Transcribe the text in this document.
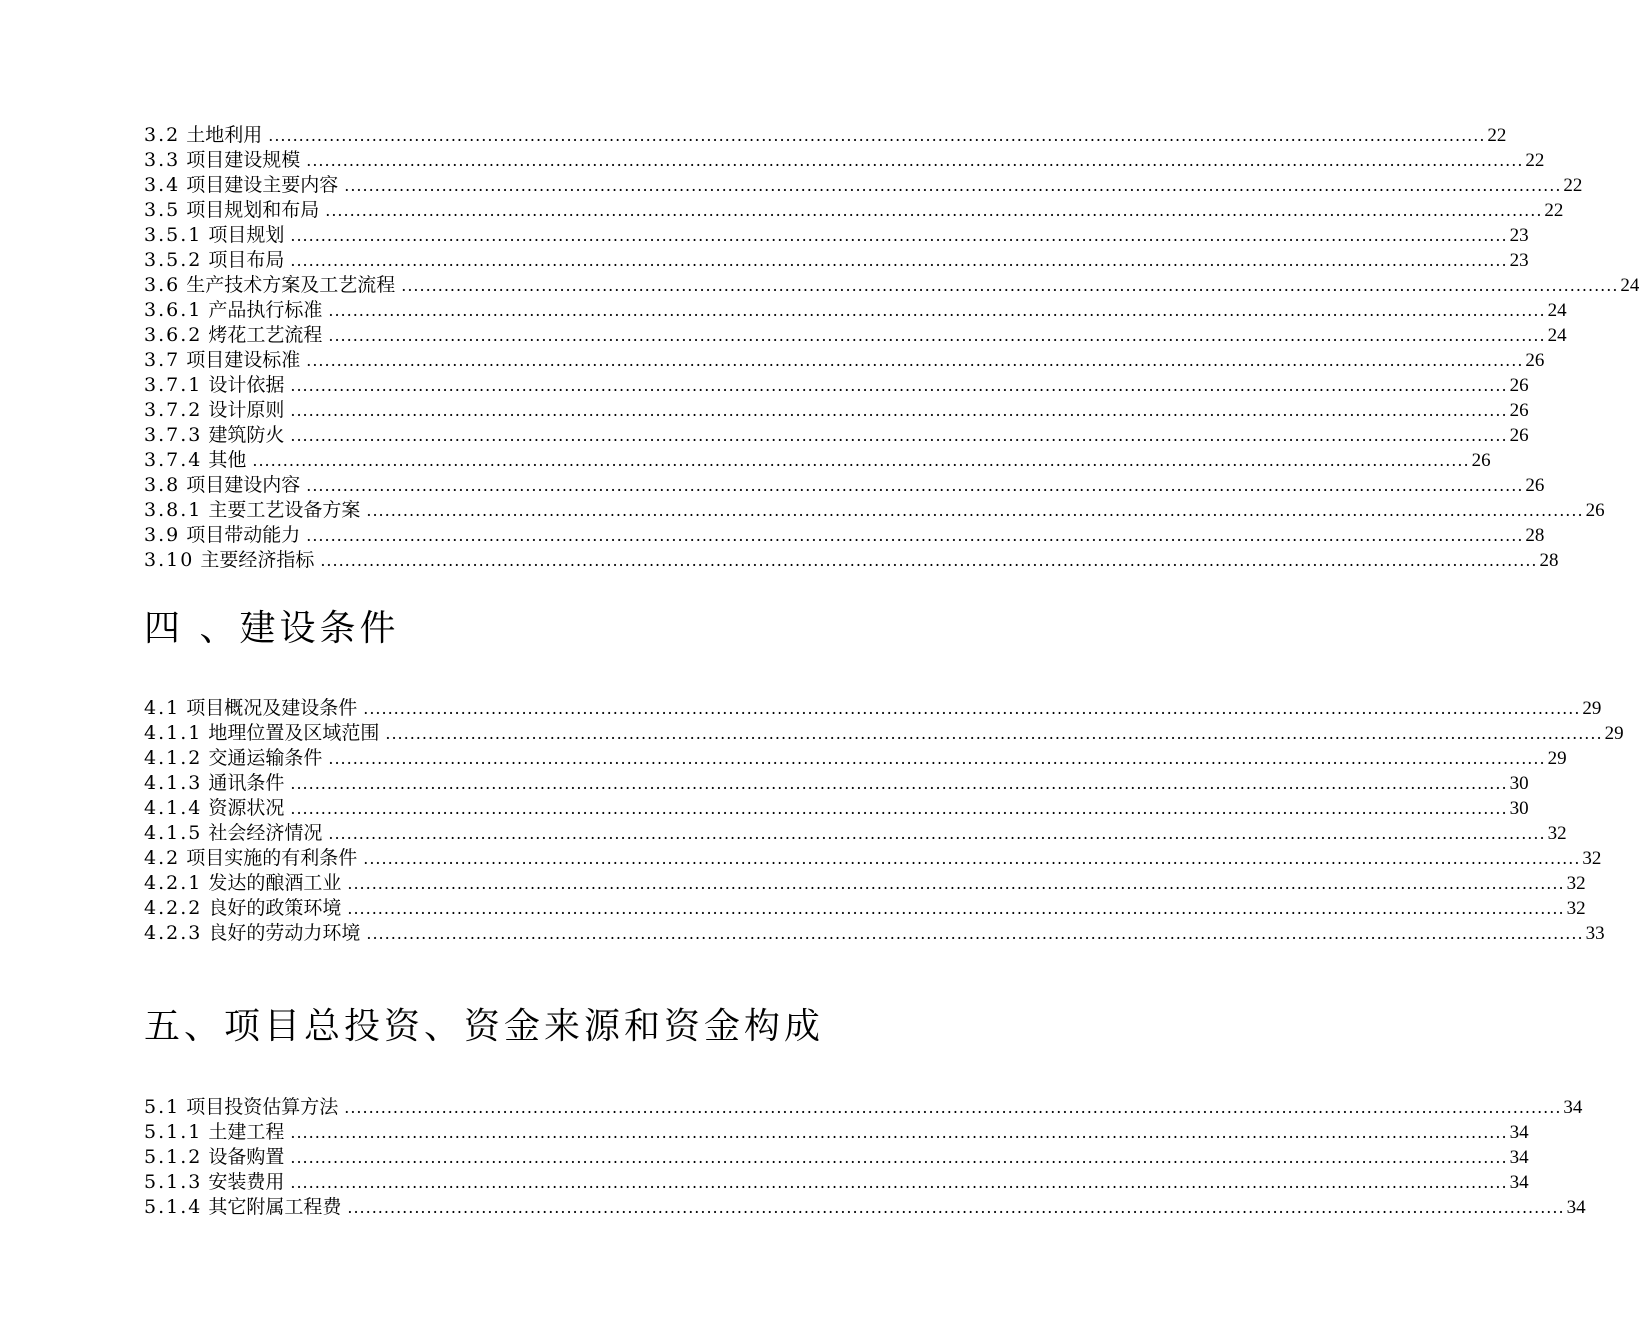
3.2 土地利用 ........................................................................................................................................................................................................ 22
3.3 项目建设规模 ........................................................................................................................................................................................................ 22
3.4 项目建设主要内容 ........................................................................................................................................................................................................ 22
3.5 项目规划和布局 ........................................................................................................................................................................................................ 22
3.5.1 项目规划 ........................................................................................................................................................................................................ 23
3.5.2 项目布局 ........................................................................................................................................................................................................ 23
3.6 生产技术方案及工艺流程 ........................................................................................................................................................................................................ 24
3.6.1 产品执行标准 ........................................................................................................................................................................................................ 24
3.6.2 烤花工艺流程 ........................................................................................................................................................................................................ 24
3.7 项目建设标准 ........................................................................................................................................................................................................ 26
3.7.1 设计依据 ........................................................................................................................................................................................................ 26
3.7.2 设计原则 ........................................................................................................................................................................................................ 26
3.7.3 建筑防火 ........................................................................................................................................................................................................ 26
3.7.4 其他 ........................................................................................................................................................................................................ 26
3.8 项目建设内容 ........................................................................................................................................................................................................ 26
3.8.1 主要工艺设备方案 ........................................................................................................................................................................................................ 26
3.9 项目带动能力 ........................................................................................................................................................................................................ 28
3.10 主要经济指标 ........................................................................................................................................................................................................ 28
四 、建设条件
4.1 项目概况及建设条件 ........................................................................................................................................................................................................ 29
4.1.1 地理位置及区域范围 ........................................................................................................................................................................................................ 29
4.1.2 交通运输条件 ........................................................................................................................................................................................................ 29
4.1.3 通讯条件 ........................................................................................................................................................................................................ 30
4.1.4 资源状况 ........................................................................................................................................................................................................ 30
4.1.5 社会经济情况 ........................................................................................................................................................................................................ 32
4.2 项目实施的有利条件 ........................................................................................................................................................................................................ 32
4.2.1 发达的酿酒工业 ........................................................................................................................................................................................................ 32
4.2.2 良好的政策环境 ........................................................................................................................................................................................................ 32
4.2.3 良好的劳动力环境 ........................................................................................................................................................................................................ 33
五、项目总投资、资金来源和资金构成
5.1 项目投资估算方法 ........................................................................................................................................................................................................ 34
5.1.1 土建工程 ........................................................................................................................................................................................................ 34
5.1.2 设备购置 ........................................................................................................................................................................................................ 34
5.1.3 安装费用 ........................................................................................................................................................................................................ 34
5.1.4 其它附属工程费 ........................................................................................................................................................................................................ 34
